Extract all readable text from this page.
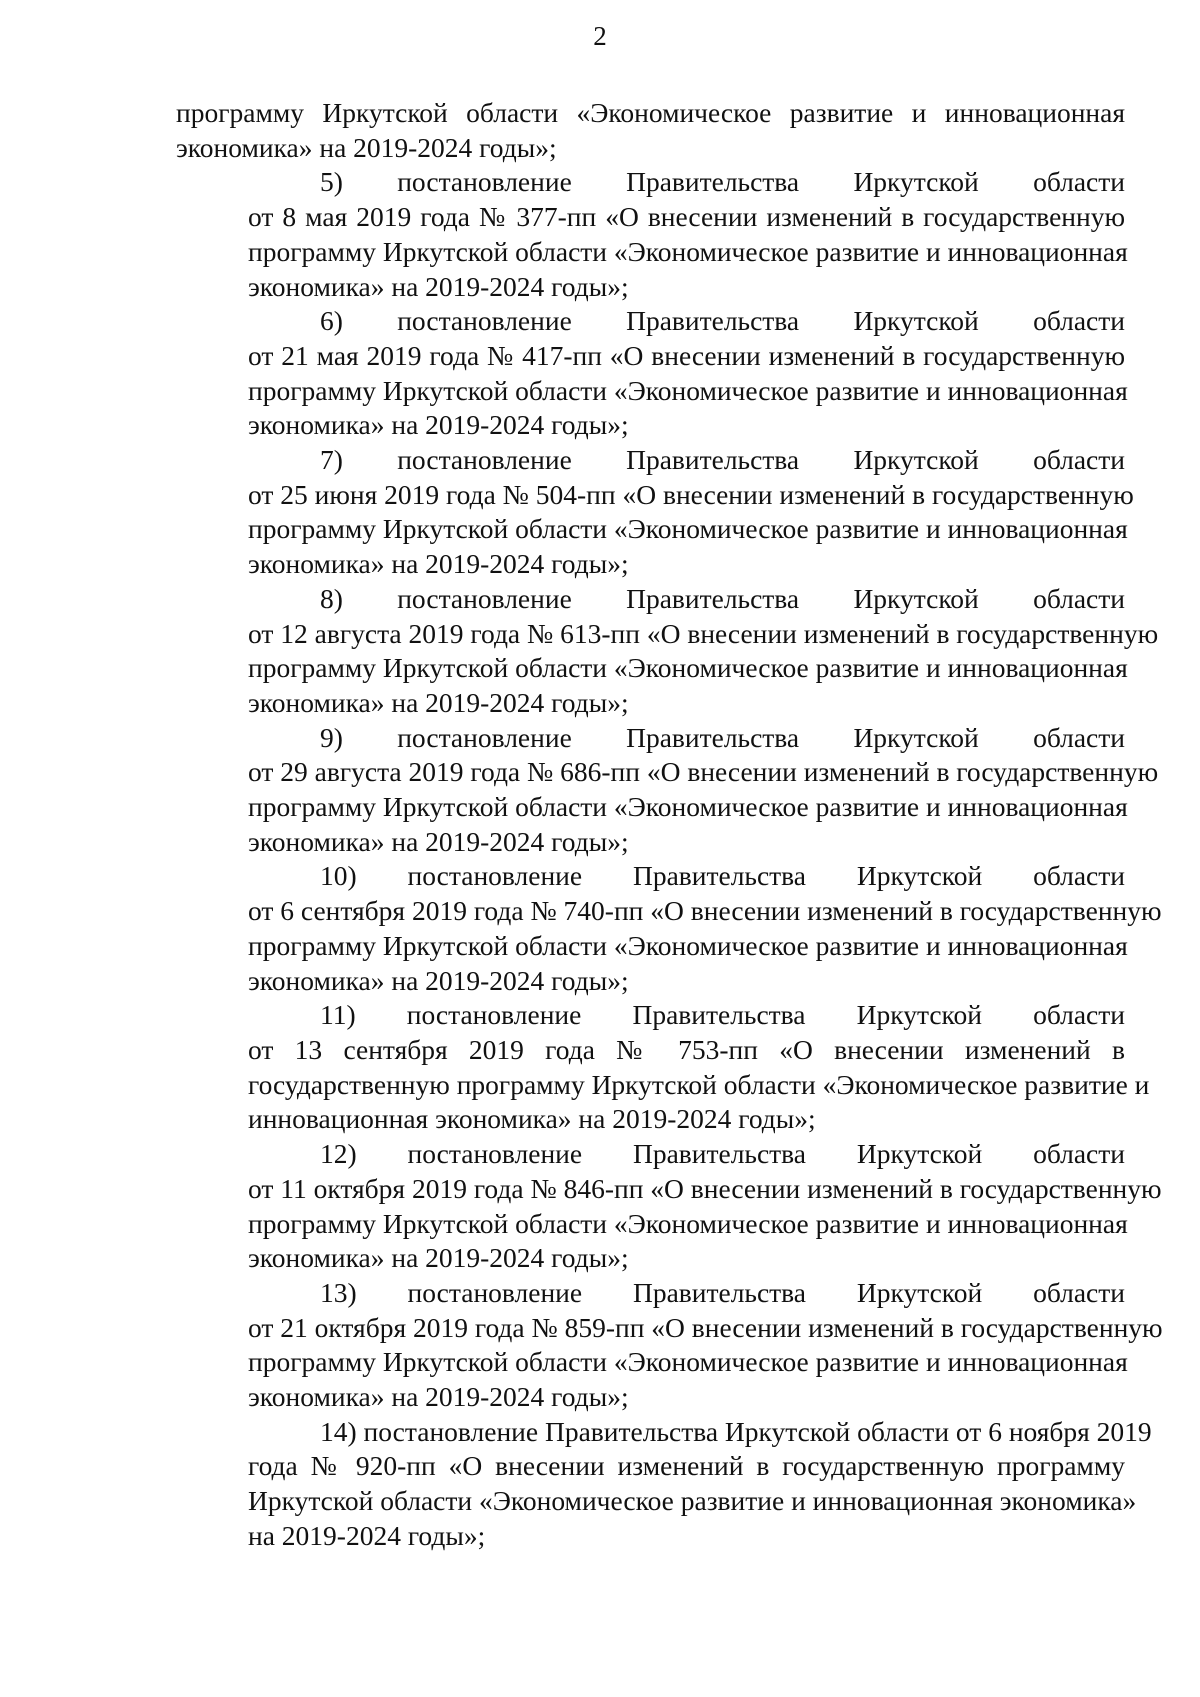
2

программу Иркутской области «Экономическое развитие и инновационная
экономика» на 2019-2024 годы»;

5) постановление Правительства Иркутской области
от 8 мая 2019 года № 377-пп «О внесении изменений в государственную
программу Иркутской области «Экономическое развитие и инновационная
экономика» на 2019-2024 годы»;

6) постановление Правительства Иркутской области
от 21 мая 2019 года № 417-пп «О внесении изменений в государственную
программу Иркутской области «Экономическое развитие и инновационная
экономика» на 2019-2024 годы»;

7) постановление Правительства Иркутской области
от 25 июня 2019 года № 504-пп «О внесении изменений в государственную
программу Иркутской области «Экономическое развитие и инновационная
экономика» на 2019-2024 годы»;

8) постановление Правительства Иркутской области
от 12 августа 2019 года № 613-пп «О внесении изменений в государственную
программу Иркутской области «Экономическое развитие и инновационная
экономика» на 2019-2024 годы»;

9) постановление Правительства Иркутской области
от 29 августа 2019 года № 686-пп «О внесении изменений в государственную
программу Иркутской области «Экономическое развитие и инновационная
экономика» на 2019-2024 годы»;

10) постановление Правительства Иркутской области
от 6 сентября 2019 года № 740-пп «О внесении изменений в государственную
программу Иркутской области «Экономическое развитие и инновационная
экономика» на 2019-2024 годы»;

11) постановление Правительства Иркутской области
от 13 сентября 2019 года № 753-пп «О внесении изменений в
государственную программу Иркутской области «Экономическое развитие и
инновационная экономика» на 2019-2024 годы»;

12) постановление Правительства Иркутской области
от 11 октября 2019 года № 846-пп «О внесении изменений в государственную
программу Иркутской области «Экономическое развитие и инновационная
экономика» на 2019-2024 годы»;

13) постановление Правительства Иркутской области
от 21 октября 2019 года № 859-пп «О внесении изменений в государственную
программу Иркутской области «Экономическое развитие и инновационная
экономика» на 2019-2024 годы»;

14) постановление Правительства Иркутской области от 6 ноября 2019
года № 920-пп «О внесении изменений в государственную программу
Иркутской области «Экономическое развитие и инновационная экономика»
на 2019-2024 годы»;
